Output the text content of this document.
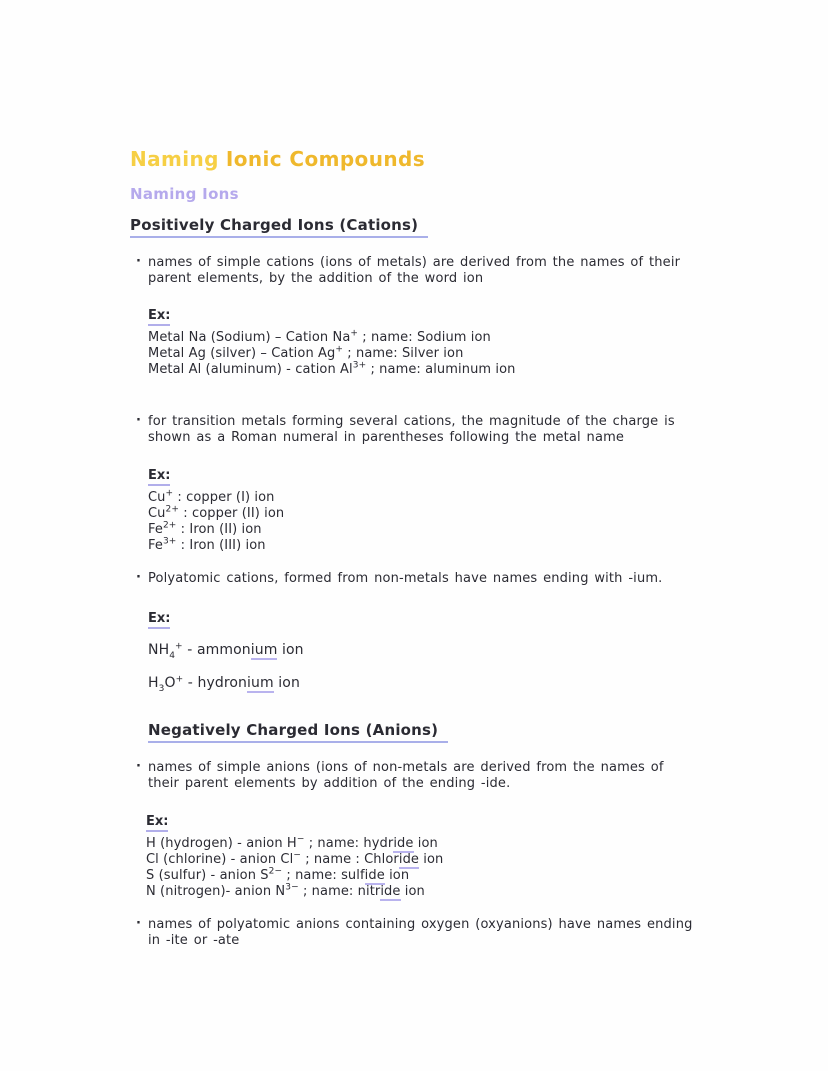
Naming Ionic Compounds
Naming Ions
Positively Charged Ions (Cations)

· names of simple cations (ions of metals) are derived from the names of their parent elements, by the addition of the word ion

Ex:
Metal Na (Sodium) – Cation Na+ ; name: Sodium ion
Metal Ag (silver) – Cation Ag+ ; name: Silver ion
Metal Al (aluminum) - cation $Al^{3+}$ ; name: aluminum ion

· for transition metals forming several cations, the magnitude of the charge is shown as a Roman numeral in parentheses following the metal name

Ex:
Cu+ : copper (I) ion
$Cu^{2+}$ : copper (II) ion
$Fe^{2+}$ : Iron (II) ion
$Fe^{3+}$ : Iron (III) ion

· Polyatomic cations, formed from non-metals have names ending with -ium.

Ex:
$NH_4^+$ - ammonium ion
$H_3O^+$ - hydronium ion
Negatively Charged Ions (Anions)

· names of simple anions (ions of non-metals are derived from the names of their parent elements by addition of the ending -ide.

Ex:
H (hydrogen) - anion H− ; name: hydride ion
Cl (chlorine) - anion Cl− ; name : Chloride ion
S (sulfur) - anion $S^{2-}$ ; name: sulfide ion
N (nitrogen)- anion $N^{3-}$ ; name: nitride ion

· names of polyatomic anions containing oxygen (oxyanions) have names ending in -ite or -ate
